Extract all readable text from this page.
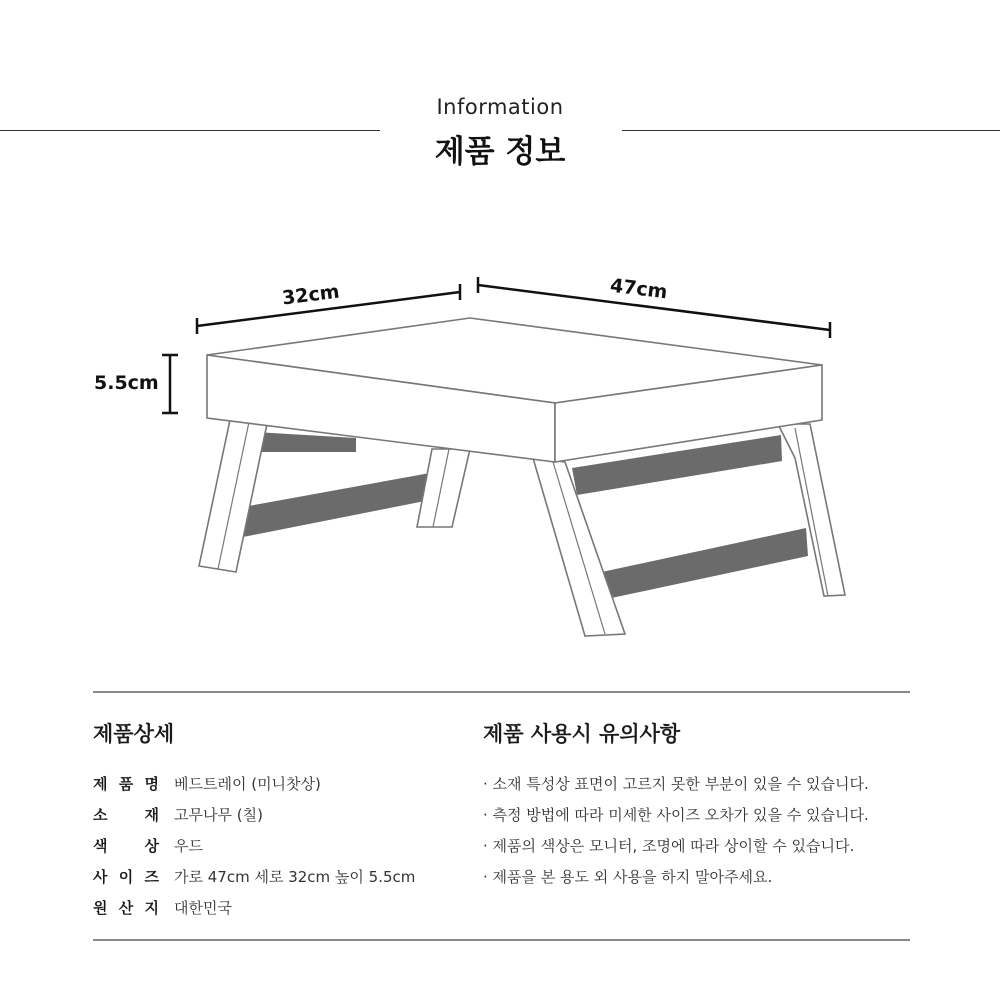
Information
제품 정보
32cm	47cm
5.5cm
제품상세
제 품 명 베드트레이 (미니찻상)
소 재 고무나무 (칠)
색 상 우드
사 이 즈 가로 47cm 세로 32cm 높이 5.5cm
원 산 지 대한민국
제품 사용시 유의사항
· 소재 특성상 표면이 고르지 못한 부분이 있을 수 있습니다.
· 측정 방법에 따라 미세한 사이즈 오차가 있을 수 있습니다.
· 제품의 색상은 모니터, 조명에 따라 상이할 수 있습니다.
· 제품을 본 용도 외 사용을 하지 말아주세요.
